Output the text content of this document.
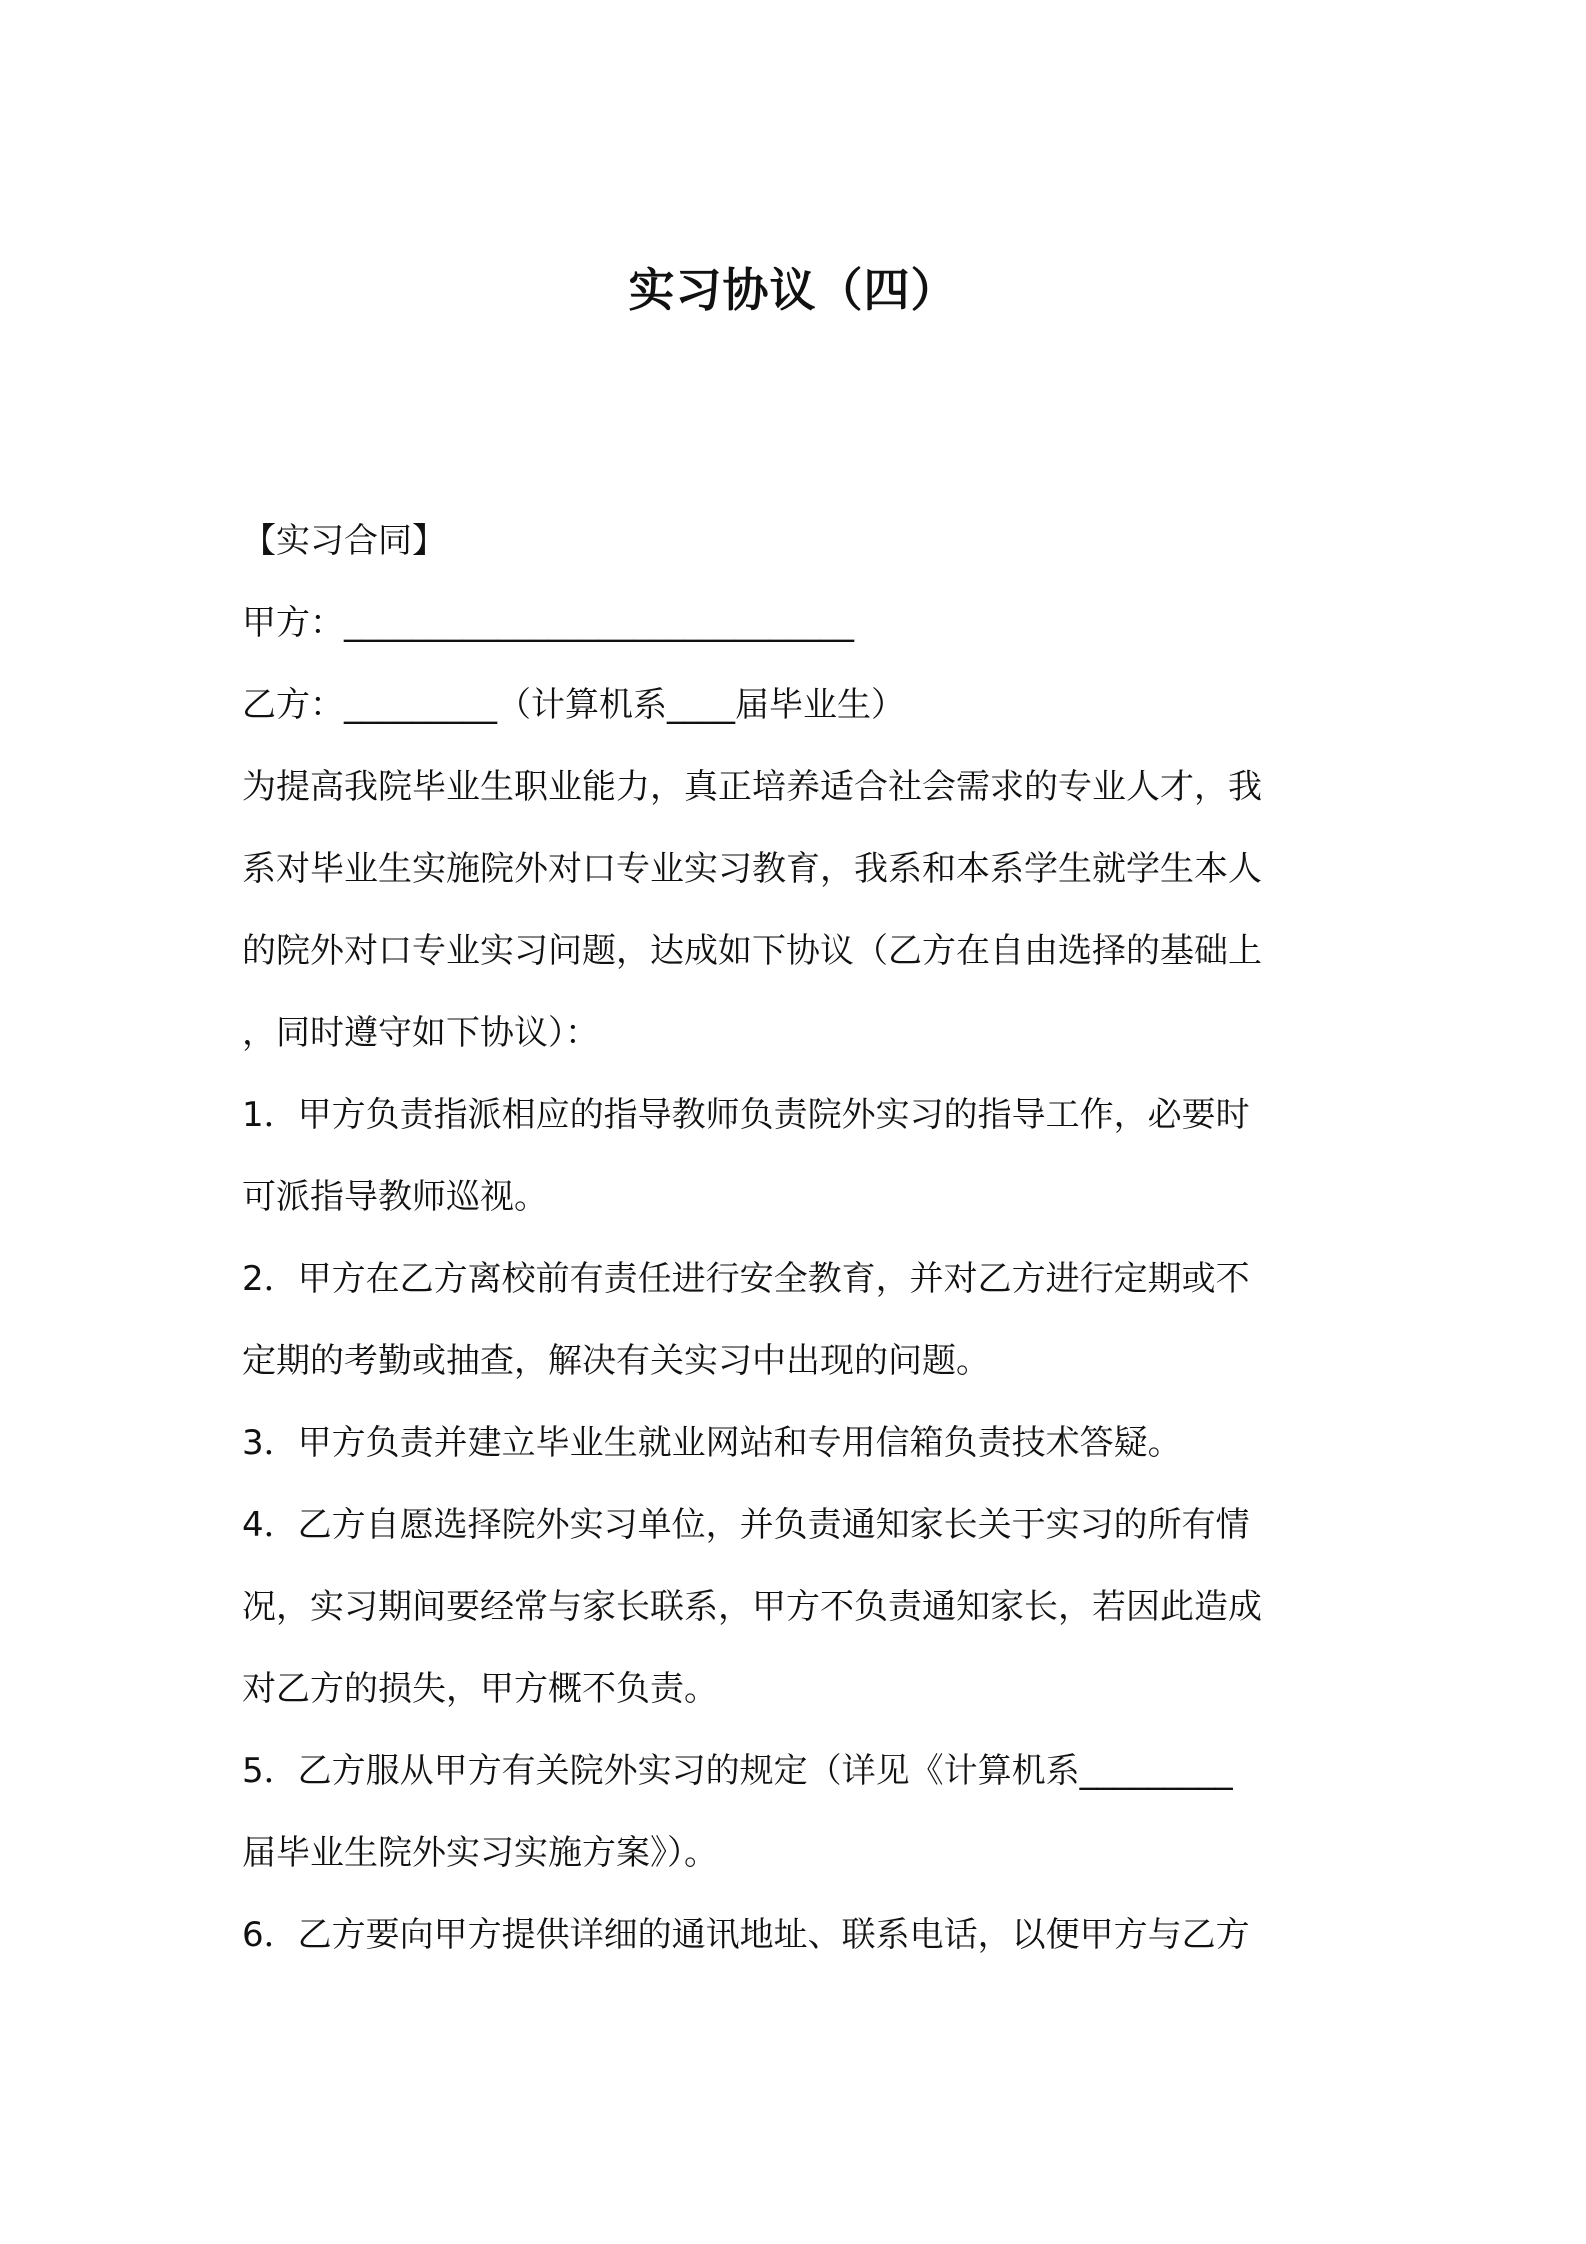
实习协议（四）
【实习合同】
甲方：______________________________
乙方：_________（计算机系____届毕业生）
为提高我院毕业生职业能力，真正培养适合社会需求的专业人才，我
系对毕业生实施院外对口专业实习教育，我系和本系学生就学生本人
的院外对口专业实习问题，达成如下协议（乙方在自由选择的基础上
，同时遵守如下协议）：
1．甲方负责指派相应的指导教师负责院外实习的指导工作，必要时
可派指导教师巡视。
2．甲方在乙方离校前有责任进行安全教育，并对乙方进行定期或不
定期的考勤或抽查，解决有关实习中出现的问题。
3．甲方负责并建立毕业生就业网站和专用信箱负责技术答疑。
4．乙方自愿选择院外实习单位，并负责通知家长关于实习的所有情
况，实习期间要经常与家长联系，甲方不负责通知家长，若因此造成
对乙方的损失，甲方概不负责。
5．乙方服从甲方有关院外实习的规定（详见《计算机系_________
届毕业生院外实习实施方案》）。
6．乙方要向甲方提供详细的通讯地址、联系电话，以便甲方与乙方
